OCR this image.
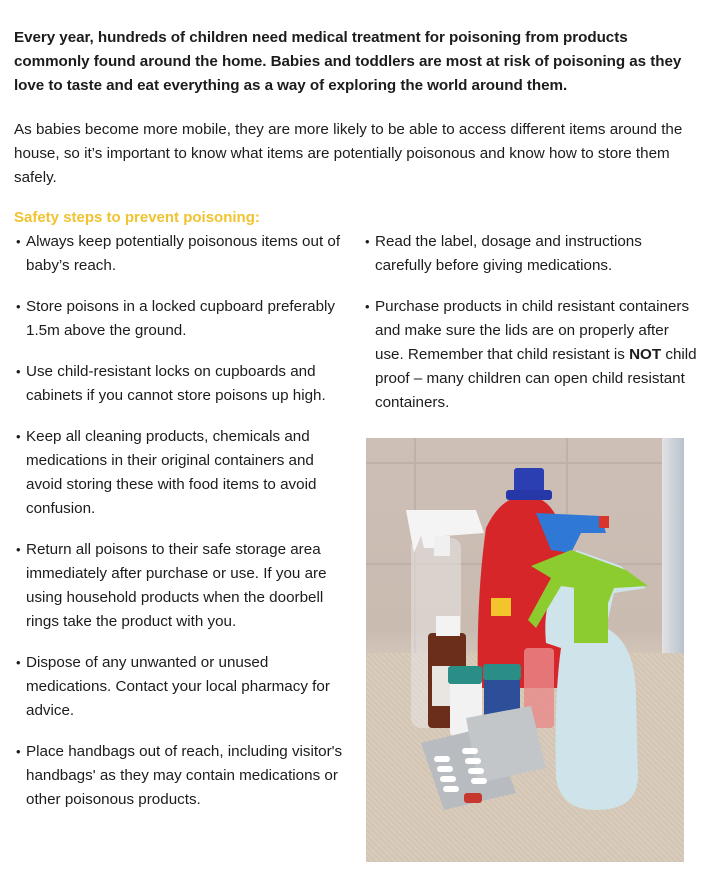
Every year, hundreds of children need medical treatment for poisoning from products commonly found around the home. Babies and toddlers are most at risk of poisoning as they love to taste and eat everything as a way of exploring the world around them.

As babies become more mobile, they are more likely to be able to access different items around the house, so it’s important to know what items are potentially poisonous and know how to store them safely.

Safety steps to prevent poisoning:
• Always keep potentially poisonous items out of baby’s reach.
• Store poisons in a locked cupboard preferably 1.5m above the ground.
• Use child-resistant locks on cupboards and cabinets if you cannot store poisons up high.
• Keep all cleaning products, chemicals and medications in their original containers and avoid storing these with food items to avoid confusion.
• Return all poisons to their safe storage area immediately after purchase or use. If you are using household products when the doorbell rings take the product with you.
• Dispose of any unwanted or unused medications. Contact your local pharmacy for advice.
• Place handbags out of reach, including visitor's handbags' as they may contain medications or other poisonous products.
• Read the label, dosage and instructions carefully before giving medications.
• Purchase products in child resistant containers and make sure the lids are on properly after use. Remember that child resistant is NOT child proof – many children can open child resistant containers.
